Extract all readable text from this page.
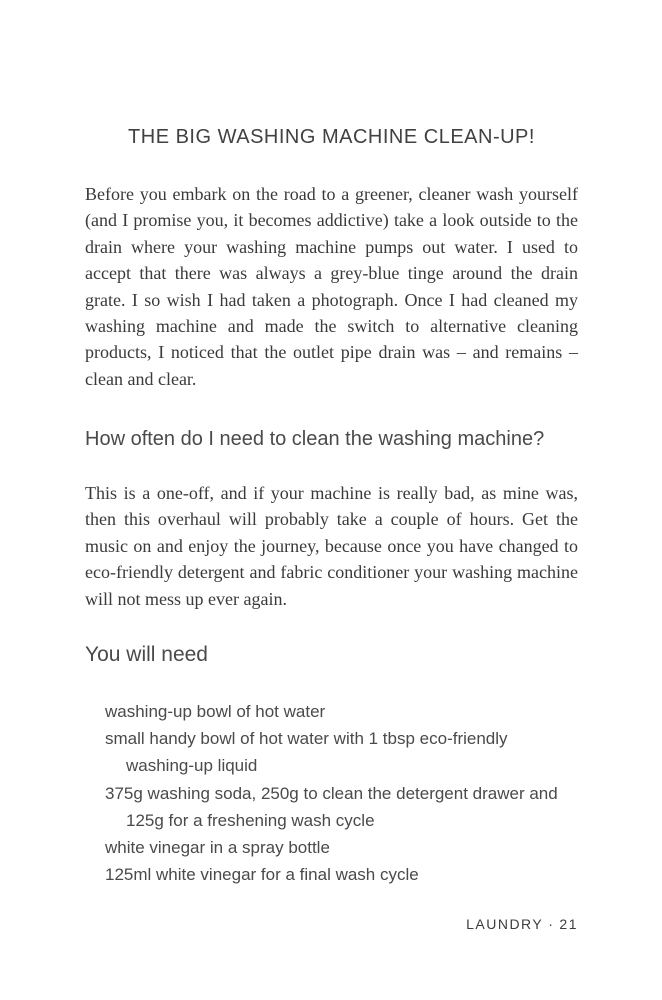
THE BIG WASHING MACHINE CLEAN-UP!
Before you embark on the road to a greener, cleaner wash yourself (and I promise you, it becomes addictive) take a look outside to the drain where your washing machine pumps out water. I used to accept that there was always a grey-blue tinge around the drain grate. I so wish I had taken a photograph. Once I had cleaned my washing machine and made the switch to alternative cleaning products, I noticed that the outlet pipe drain was – and remains – clean and clear.
How often do I need to clean the washing machine?
This is a one-off, and if your machine is really bad, as mine was, then this overhaul will probably take a couple of hours. Get the music on and enjoy the journey, because once you have changed to eco-friendly detergent and fabric conditioner your washing machine will not mess up ever again.
You will need
washing-up bowl of hot water
small handy bowl of hot water with 1 tbsp eco-friendly
washing-up liquid
375g washing soda, 250g to clean the detergent drawer and
125g for a freshening wash cycle
white vinegar in a spray bottle
125ml white vinegar for a final wash cycle
LAUNDRY · 21
